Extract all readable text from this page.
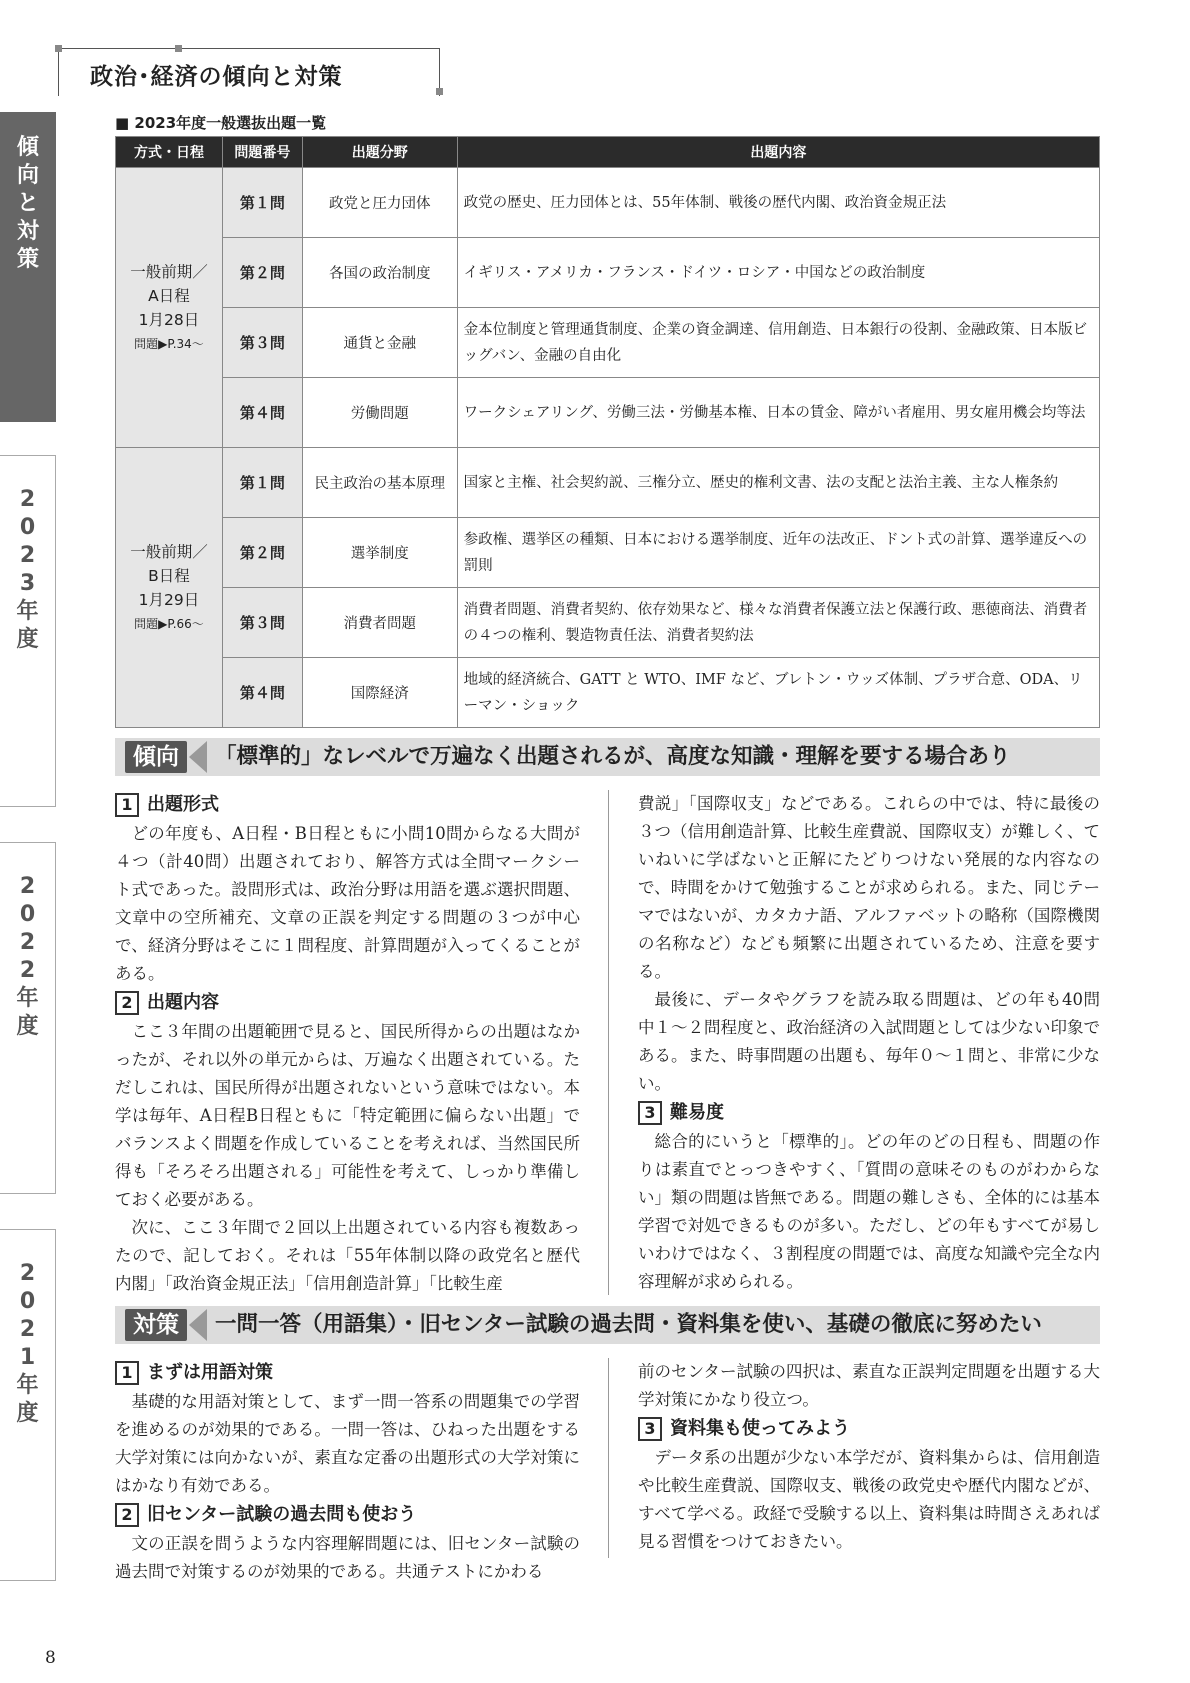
政治･経済の傾向と対策
傾
向
と
対
策
2
0
2
3
年
度
2
0
2
2
年
度
2
0
2
1
年
度
■ 2023年度一般選抜出題一覧
方式・日程	問題番号	出題分野	出題内容

一般前期／
A日程
1月28日
問題▶P.34〜	第１問	政党と圧力団体	政党の歴史、圧力団体とは、55年体制、戦後の歴代内閣、政治資金規正法
	第２問	各国の政治制度	イギリス・アメリカ・フランス・ドイツ・ロシア・中国などの政治制度
	第３問	通貨と金融	金本位制度と管理通貨制度、企業の資金調達、信用創造、日本銀行の役割、金融政策、日本版ビッグバン、金融の自由化
	第４問	労働問題	ワークシェアリング、労働三法・労働基本権、日本の賃金、障がい者雇用、男女雇用機会均等法

一般前期／
B日程
1月29日
問題▶P.66〜	第１問	民主政治の基本原理	国家と主権、社会契約説、三権分立、歴史的権利文書、法の支配と法治主義、主な人権条約
	第２問	選挙制度	参政権、選挙区の種類、日本における選挙制度、近年の法改正、ドント式の計算、選挙違反への罰則
	第３問	消費者問題	消費者問題、消費者契約、依存効果など、様々な消費者保護立法と保護行政、悪徳商法、消費者の４つの権利、製造物責任法、消費者契約法
	第４問	国際経済	地域的経済統合、GATT と WTO、IMF など、ブレトン・ウッズ体制、プラザ合意、ODA、リーマン・ショック
傾向	「標準的」なレベルで万遍なく出題されるが、高度な知識・理解を要する場合あり
1 出題形式

どの年度も、A日程・B日程ともに小問10問からなる大問が４つ（計40問）出題されており、解答方式は全問マークシート式であった。設問形式は、政治分野は用語を選ぶ選択問題、文章中の空所補充、文章の正誤を判定する問題の３つが中心で、経済分野はそこに１問程度、計算問題が入ってくることがある。

2 出題内容

ここ３年間の出題範囲で見ると、国民所得からの出題はなかったが、それ以外の単元からは、万遍なく出題されている。ただしこれは、国民所得が出題されないという意味ではない。本学は毎年、A日程B日程ともに「特定範囲に偏らない出題」でバランスよく問題を作成していることを考えれば、当然国民所得も「そろそろ出題される」可能性を考えて、しっかり準備しておく必要がある。

次に、ここ３年間で２回以上出題されている内容も複数あったので、記しておく。それは「55年体制以降の政党名と歴代内閣」「政治資金規正法」「信用創造計算」「比較生産

費説」「国際収支」などである。これらの中では、特に最後の３つ（信用創造計算、比較生産費説、国際収支）が難しく、ていねいに学ばないと正解にたどりつけない発展的な内容なので、時間をかけて勉強することが求められる。また、同じテーマではないが、カタカナ語、アルファベットの略称（国際機関の名称など）なども頻繁に出題されているため、注意を要する。

最後に、データやグラフを読み取る問題は、どの年も40問中１〜２問程度と、政治経済の入試問題としては少ない印象である。また、時事問題の出題も、毎年０〜１問と、非常に少ない。

3 難易度

総合的にいうと「標準的」。どの年のどの日程も、問題の作りは素直でとっつきやすく、「質問の意味そのものがわからない」類の問題は皆無である。問題の難しさも、全体的には基本学習で対処できるものが多い。ただし、どの年もすべてが易しいわけではなく、３割程度の問題では、高度な知識や完全な内容理解が求められる。

対策	一問一答（用語集）・旧センター試験の過去問・資料集を使い、基礎の徹底に努めたい
1 まずは用語対策

基礎的な用語対策として、まず一問一答系の問題集での学習を進めるのが効果的である。一問一答は、ひねった出題をする大学対策には向かないが、素直な定番の出題形式の大学対策にはかなり有効である。

2 旧センター試験の過去問も使おう

文の正誤を問うような内容理解問題には、旧センター試験の過去問で対策するのが効果的である。共通テストにかわる

前のセンター試験の四択は、素直な正誤判定問題を出題する大学対策にかなり役立つ。

3 資料集も使ってみよう

データ系の出題が少ない本学だが、資料集からは、信用創造や比較生産費説、国際収支、戦後の政党史や歴代内閣などが、すべて学べる。政経で受験する以上、資料集は時間さえあれば見る習慣をつけておきたい。

8
